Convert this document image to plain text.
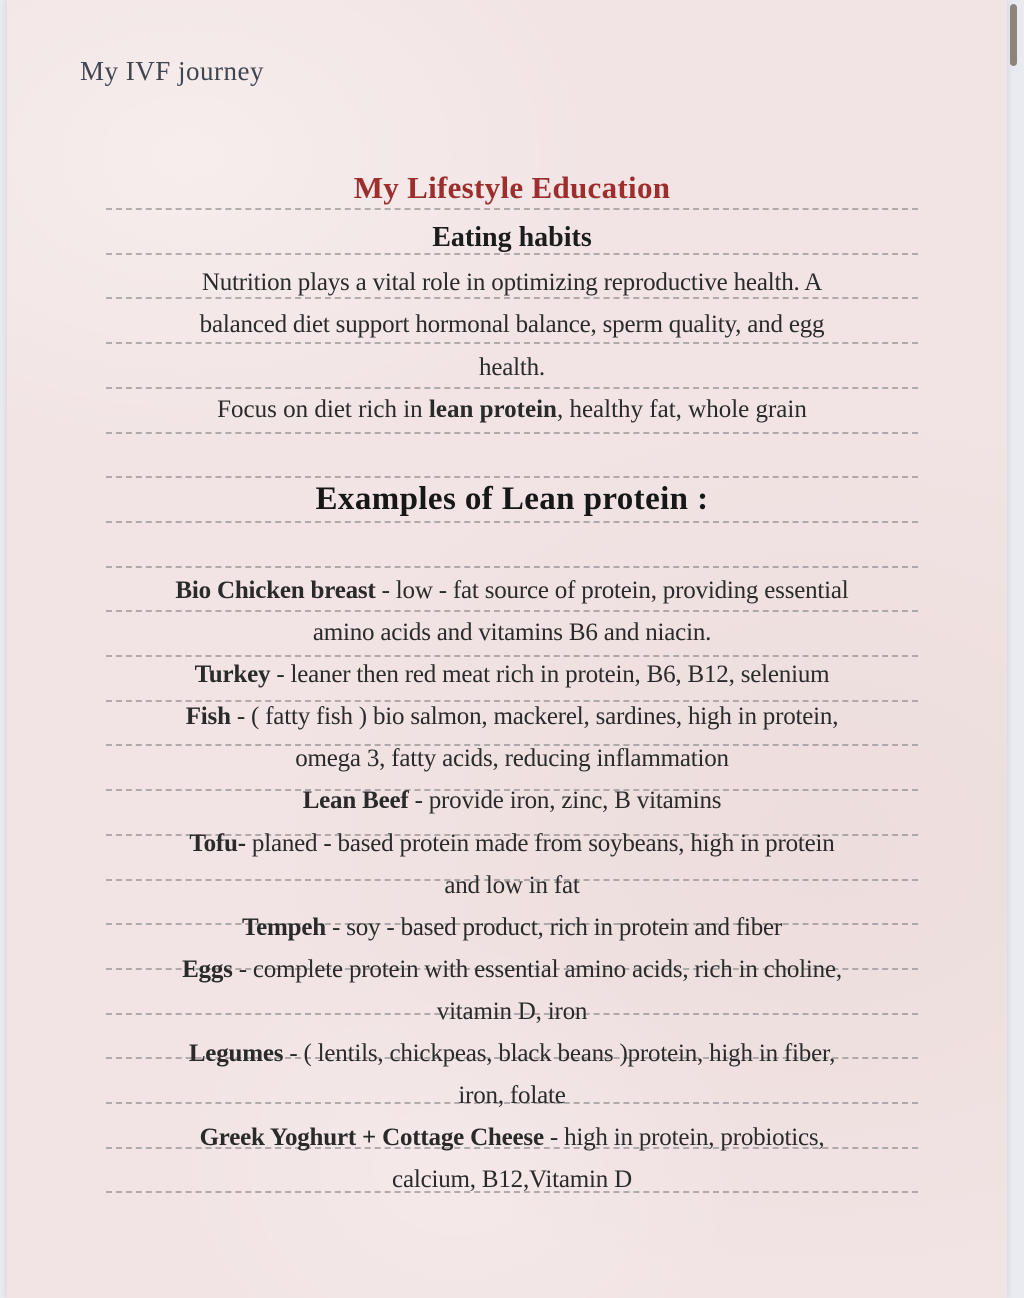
My IVF journey
My Lifestyle Education
Eating habits
Nutrition plays a vital role in optimizing reproductive health. A
balanced diet support hormonal balance, sperm quality, and egg
health.
Focus on diet rich in lean protein, healthy fat, whole grain
Examples of Lean protein :
Bio Chicken breast - low - fat source of protein, providing essential
amino acids and vitamins B6 and niacin.
Turkey - leaner then red meat rich in protein, B6, B12, selenium
Fish - ( fatty fish ) bio salmon, mackerel, sardines, high in protein,
omega 3, fatty acids, reducing inflammation
Lean Beef - provide iron, zinc, B vitamins
Tofu- planed - based protein made from soybeans, high in protein
and low in fat
Tempeh - soy - based product, rich in protein and fiber
Eggs - complete protein with essential amino acids, rich in choline,
vitamin D, iron
Legumes - ( lentils, chickpeas, black beans )protein, high in fiber,
iron, folate
Greek Yoghurt + Cottage Cheese - high in protein, probiotics,
calcium, B12,Vitamin D
